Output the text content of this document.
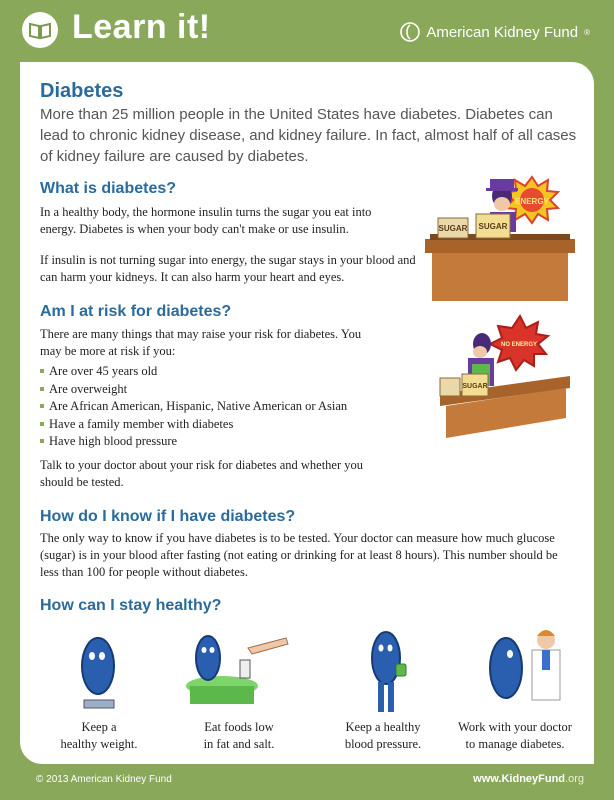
Learn it!	American Kidney Fund ®
Diabetes
More than 25 million people in the United States have diabetes. Diabetes can lead to chronic kidney disease, and kidney failure. In fact, almost half of all cases of kidney failure are caused by diabetes.
What is diabetes?
In a healthy body, the hormone insulin turns the sugar you eat into energy. Diabetes is when your body can't make or use insulin.
If insulin is not turning sugar into energy, the sugar stays in your blood and can harm your kidneys. It can also harm your heart and eyes.
ENERGY
SUGAR SUGAR
Am I at risk for diabetes?
There are many things that may raise your risk for diabetes. You may be more at risk if you:
Are over 45 years old
Are overweight
Are African American, Hispanic, Native American or Asian
Have a family member with diabetes
Have high blood pressure
Talk to your doctor about your risk for diabetes and whether you should be tested.
NO ENERGY
SUGAR
How do I know if I have diabetes?
The only way to know if you have diabetes is to be tested. Your doctor can measure how much glucose (sugar) is in your blood after fasting (not eating or drinking for at least 8 hours). This number should be less than 100 for people without diabetes.
How can I stay healthy?
Keep a
healthy weight.
Eat foods low
in fat and salt.
Keep a healthy
blood pressure.
Work with your doctor
to manage diabetes.
© 2013 American Kidney Fund	www.KidneyFund.org
